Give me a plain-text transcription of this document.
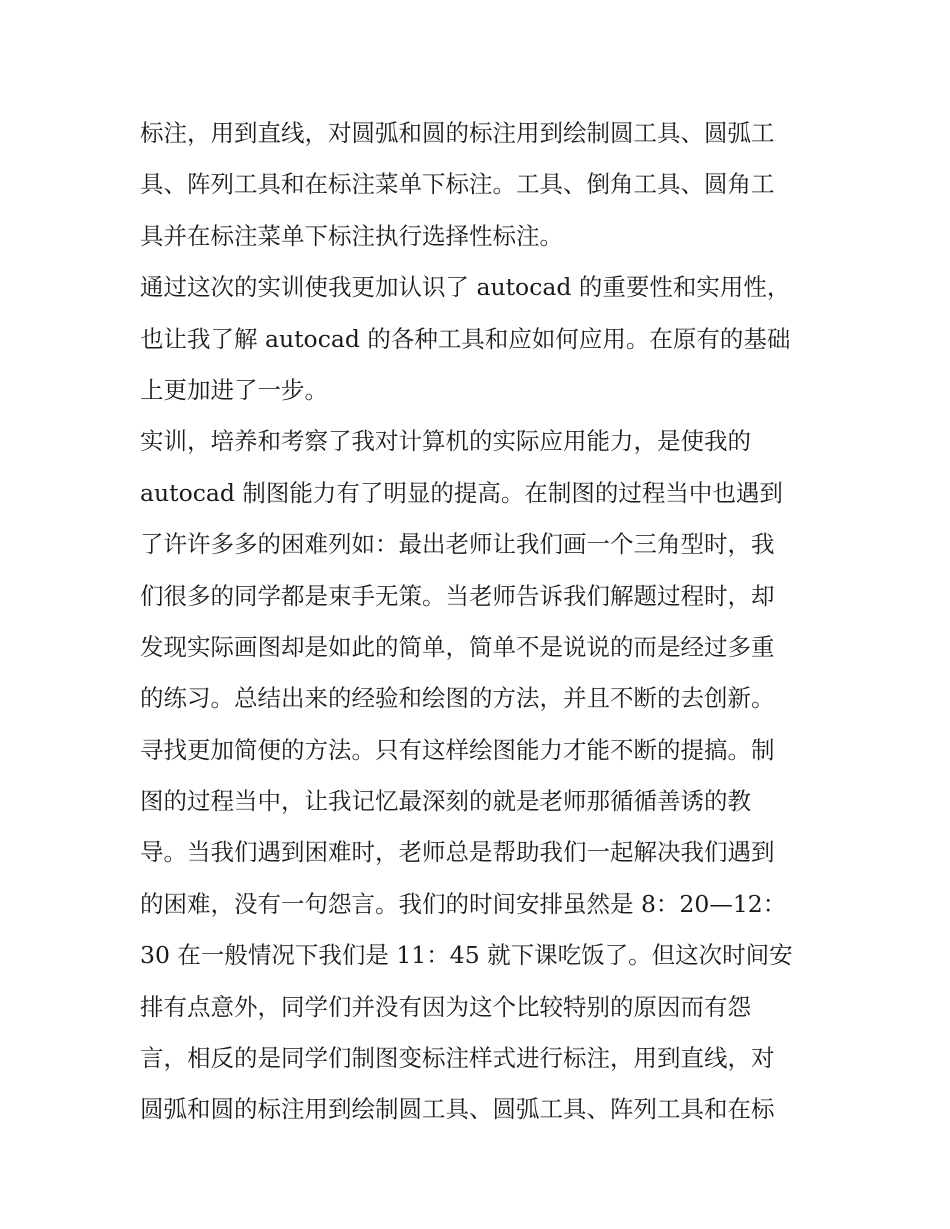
标注，用到直线，对圆弧和圆的标注用到绘制圆工具、圆弧工
具、阵列工具和在标注菜单下标注。工具、倒角工具、圆角工
具并在标注菜单下标注执行选择性标注。
通过这次的实训使我更加认识了 autocad 的重要性和实用性，
也让我了解 autocad 的各种工具和应如何应用。在原有的基础
上更加进了一步。
实训，培养和考察了我对计算机的实际应用能力，是使我的
autocad 制图能力有了明显的提高。在制图的过程当中也遇到
了许许多多的困难列如：最出老师让我们画一个三角型时，我
们很多的同学都是束手无策。当老师告诉我们解题过程时，却
发现实际画图却是如此的简单，简单不是说说的而是经过多重
的练习。总结出来的经验和绘图的方法，并且不断的去创新。
寻找更加简便的方法。只有这样绘图能力才能不断的提搞。制
图的过程当中，让我记忆最深刻的就是老师那循循善诱的教
导。当我们遇到困难时，老师总是帮助我们一起解决我们遇到
的困难，没有一句怨言。我们的时间安排虽然是 8：20—12：
30 在一般情况下我们是 11：45 就下课吃饭了。但这次时间安
排有点意外，同学们并没有因为这个比较特别的原因而有怨
言，相反的是同学们制图变标注样式进行标注，用到直线，对
圆弧和圆的标注用到绘制圆工具、圆弧工具、阵列工具和在标
